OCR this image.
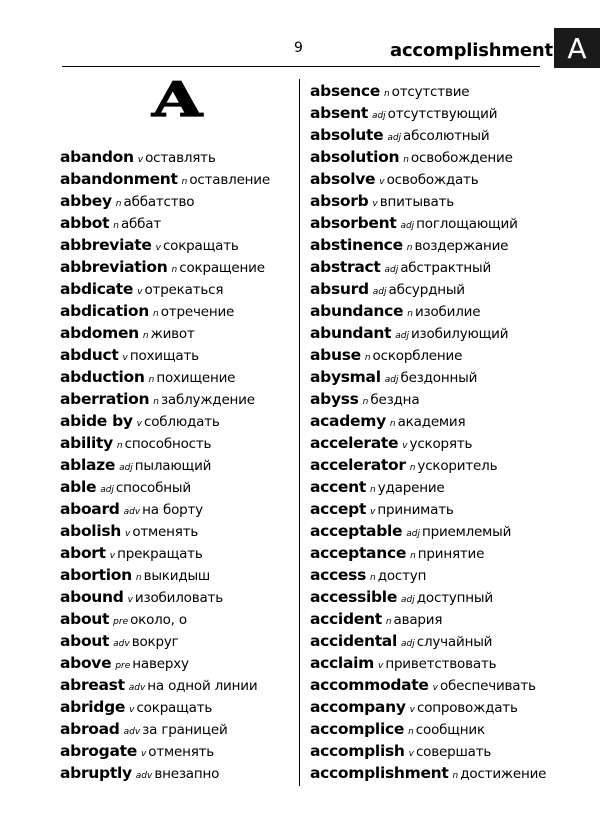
9	accomplishment A
A
abandon v оставлять
abandonment n оставление
abbey n аббатство
abbot n аббат
abbreviate v сокращать
abbreviation n сокращение
abdicate v отрекаться
abdication n отречение
abdomen n живот
abduct v похищать
abduction n похищение
aberration n заблуждение
abide by v соблюдать
ability n способность
ablaze adj пылающий
able adj способный
aboard adv на борту
abolish v отменять
abort v прекращать
abortion n выкидыш
abound v изобиловать
about pre около, о
about adv вокруг
above pre наверху
abreast adv на одной линии
abridge v сокращать
abroad adv за границей
abrogate v отменять
abruptly adv внезапно
absence n отсутствие
absent adj отсутствующий
absolute adj абсолютный
absolution n освобождение
absolve v освобождать
absorb v впитывать
absorbent adj поглощающий
abstinence n воздержание
abstract adj абстрактный
absurd adj абсурдный
abundance n изобилие
abundant adj изобилующий
abuse n оскорбление
abysmal adj бездонный
abyss n бездна
academy n академия
accelerate v ускорять
accelerator n ускоритель
accent n ударение
accept v принимать
acceptable adj приемлемый
acceptance n принятие
access n доступ
accessible adj доступный
accident n авария
accidental adj случайный
acclaim v приветствовать
accommodate v обеспечивать
accompany v сопровождать
accomplice n сообщник
accomplish v совершать
accomplishment n достижение
